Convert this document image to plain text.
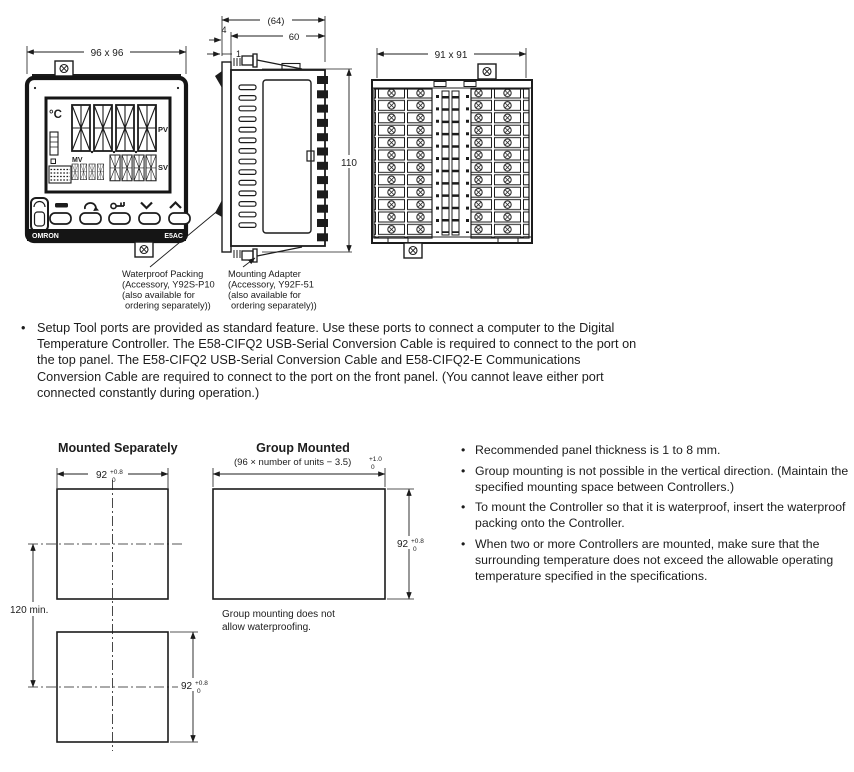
96 x 96
°C
PV
MV
SV
OMRON	E5AC
(64)
60
4
1
110
91 x 91
Waterproof Packing
(Accessory, Y92S-P10
(also available for
ordering separately))
Mounting Adapter
(Accessory, Y92F-51
(also available for
ordering separately))
• Setup Tool ports are provided as standard feature. Use these ports to connect a computer to the Digital Temperature Controller. The E58-CIFQ2 USB-Serial Conversion Cable is required to connect to the port on the top panel. The E58-CIFQ2 USB-Serial Conversion Cable and E58-CIFQ2-E Communications Conversion Cable are required to connect to the port on the front panel. (You cannot leave either port connected constantly during operation.)
Mounted Separately	Group Mounted
(96 × number of units − 3.5)	+1.0
0
92 +0.8
0
120 min.
92 +0.8
0
92 +0.8
0
Group mounting does not
allow waterproofing.
• Recommended panel thickness is 1 to 8 mm.
• Group mounting is not possible in the vertical direction. (Maintain the specified mounting space between Controllers.)
• To mount the Controller so that it is waterproof, insert the waterproof packing onto the Controller.
• When two or more Controllers are mounted, make sure that the surrounding temperature does not exceed the allowable operating temperature specified in the specifications.
